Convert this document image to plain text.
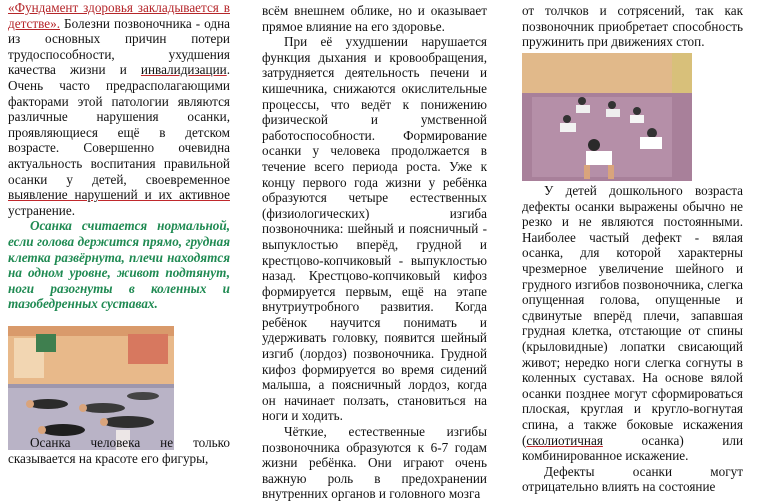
«Фундамент здоровья закладывается в детстве». Болезни позвоночника - одна из основных причин потери трудоспособности, ухудшения качества жизни и инвалидизации. Очень часто предрасполагающими факторами этой патологии являются различные нарушения осанки, проявляющиеся ещё в детском возрасте. Совершенно очевидна актуальность воспитания правильной осанки у детей, своевременное выявление нарушений и их активное устранение.

Осанка считается нормальной, если голова держится прямо, грудная клетка развёрнута, плечи находятся на одном уровне, живот подтянут, ноги разогнуты в коленных и тазобедренных суставах.

Осанка человека не только сказывается на красоте его фигуры,

всём внешнем облике, но и оказывает прямое влияние на его здоровье.

При её ухудшении нарушается функция дыхания и кровообращения, затрудняется деятельность печени и кишечника, снижаются окислительные процессы, что ведёт к понижению физической и умственной работоспособности. Формирование осанки у человека продолжается в течение всего периода роста. Уже к концу первого года жизни у ребёнка образуются четыре естественных (физиологических) изгиба позвоночника: шейный и поясничный - выпуклостью вперёд, грудной и крестцово-копчиковый - выпуклостью назад. Крестцово-копчиковый кифоз формируется первым, ещё на этапе внутриутробного развития. Когда ребёнок научится понимать и удерживать головку, появится шейный изгиб (лордоз) позвоночника. Грудной кифоз формируется во время сидений малыша, а поясничный лордоз, когда он начинает ползать, становиться на ноги и ходить.

Чёткие, естественные изгибы позвоночника образуются к 6-7 годам жизни ребёнка. Они играют очень важную роль в предохранении внутренних органов и головного мозга

от толчков и сотрясений, так как позвоночник приобретает способность пружинить при движениях стоп.

У детей дошкольного возраста дефекты осанки выражены обычно не резко и не являются постоянными. Наиболее частый дефект - вялая осанка, для которой характерны чрезмерное увеличение шейного и грудного изгибов позвоночника, слегка опущенная голова, опущенные и сдвинутые вперёд плечи, запавшая грудная клетка, отстающие от спины (крыловидные) лопатки свисающий живот; нередко ноги слегка согнуты в коленных суставах. На основе вялой осанки позднее могут сформироваться плоская, круглая и кругло-вогнутая спина, а также боковые искажения (сколиотичная осанка) или комбинированное искажение.

Дефекты осанки могут отрицательно влиять на состояние
